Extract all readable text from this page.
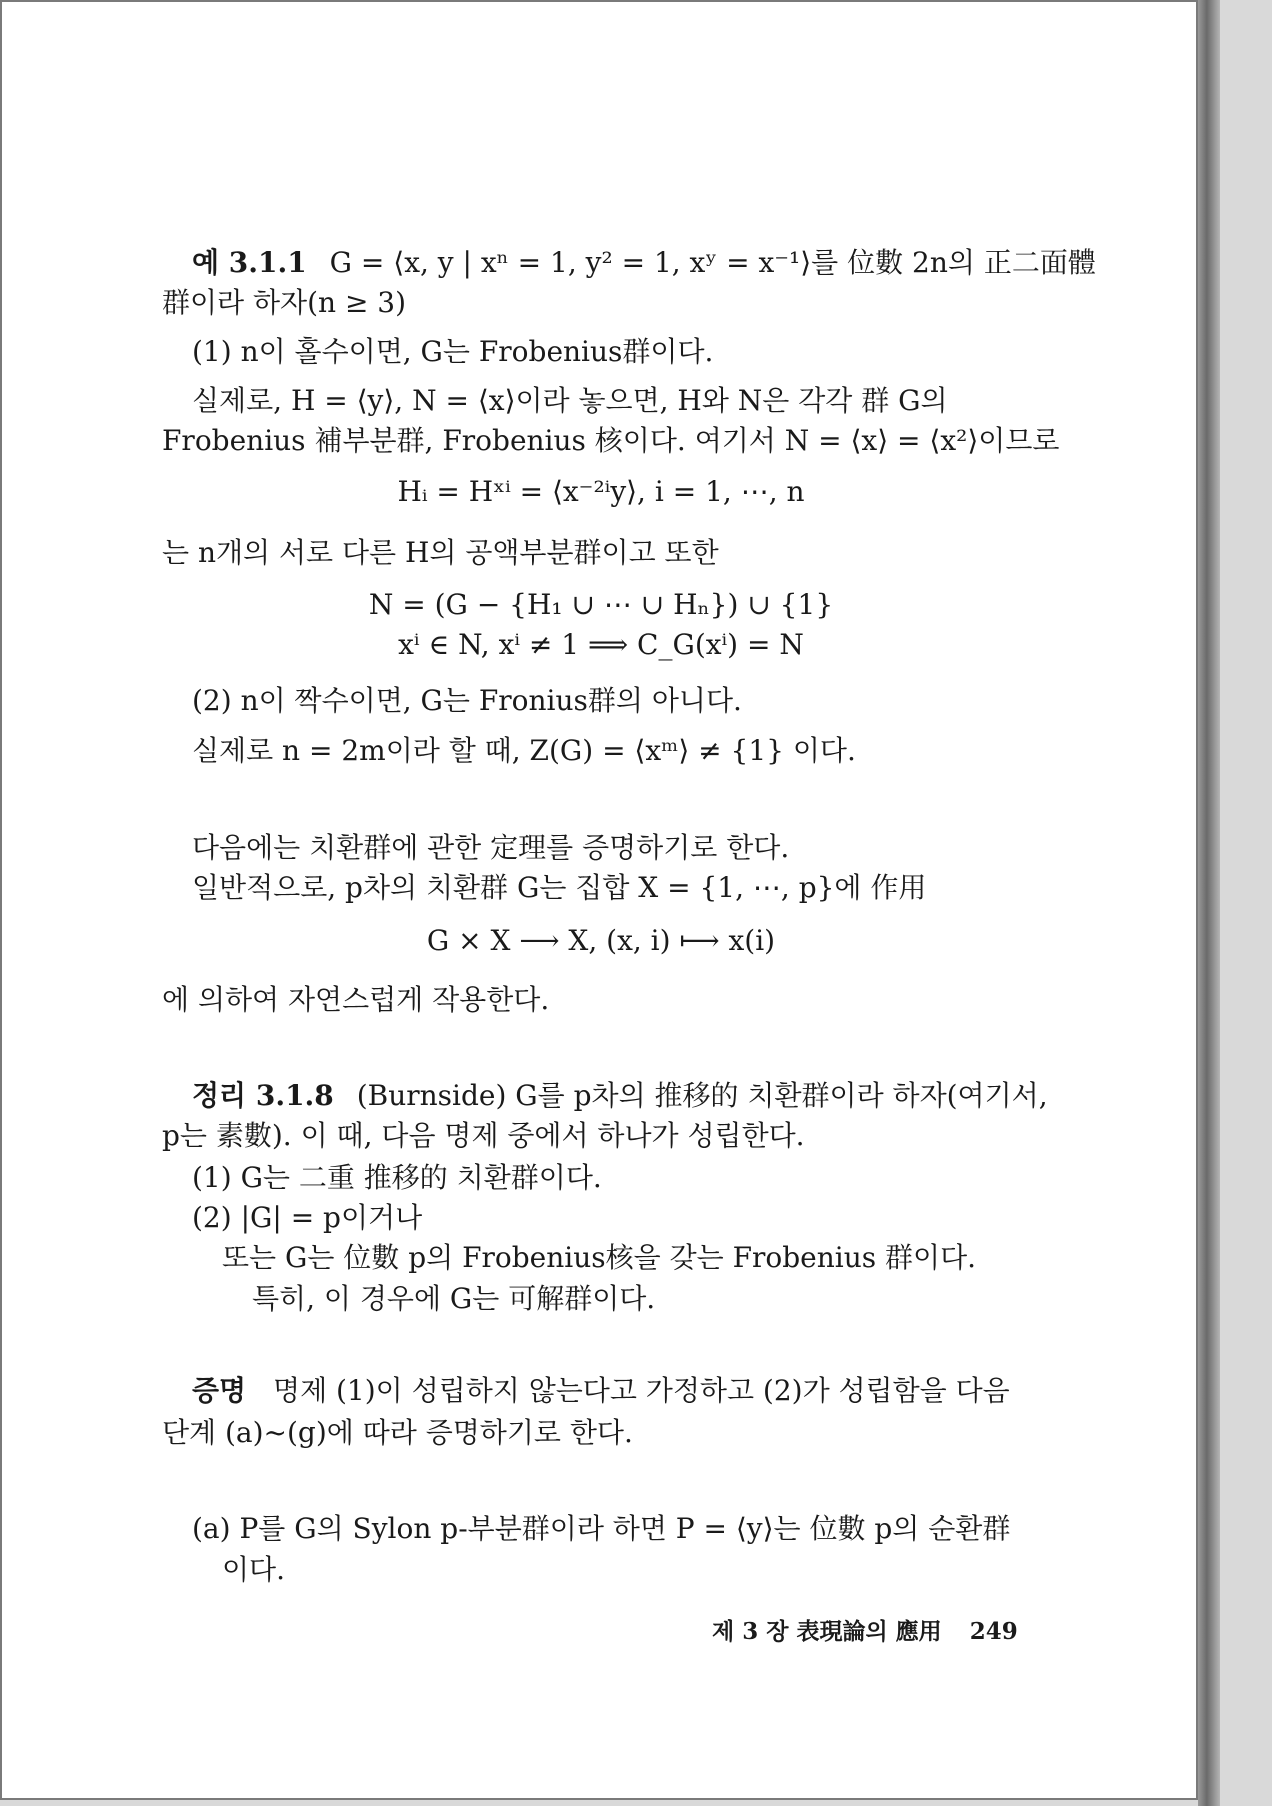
예 3.1.1 G = ⟨x, y | xⁿ = 1, y² = 1, xʸ = x⁻¹⟩를 位數 2n의 正二面體
群이라 하자(n ≥ 3)
(1) n이 홀수이면, G는 Frobenius群이다.
실제로, H = ⟨y⟩, N = ⟨x⟩이라 놓으면, H와 N은 각각 群 G의
Frobenius 補부분群, Frobenius 核이다. 여기서 N = ⟨x⟩ = ⟨x²⟩이므로
Hᵢ = Hˣⁱ = ⟨x⁻²ⁱy⟩, i = 1, ⋯, n
는 n개의 서로 다른 H의 공액부분群이고 또한
N = (G − {H₁ ∪ ⋯ ∪ Hₙ}) ∪ {1}
xⁱ ∈ N, xⁱ ≠ 1 ⟹ C_G(xⁱ) = N
(2) n이 짝수이면, G는 Fronius群의 아니다.
실제로 n = 2m이라 할 때, Z(G) = ⟨xᵐ⟩ ≠ {1} 이다.
다음에는 치환群에 관한 定理를 증명하기로 한다.
일반적으로, p차의 치환群 G는 집합 X = {1, ⋯, p}에 作用
G × X ⟶ X, (x, i) ⟼ x(i)
에 의하여 자연스럽게 작용한다.
정리 3.1.8 (Burnside) G를 p차의 推移的 치환群이라 하자(여기서,
p는 素數). 이 때, 다음 명제 중에서 하나가 성립한다.
(1) G는 二重 推移的 치환群이다.
(2) |G| = p이거나
또는 G는 位數 p의 Frobenius核을 갖는 Frobenius 群이다.
특히, 이 경우에 G는 可解群이다.
증명 명제 (1)이 성립하지 않는다고 가정하고 (2)가 성립함을 다음
단계 (a)~(g)에 따라 증명하기로 한다.
(a) P를 G의 Sylon p-부분群이라 하면 P = ⟨y⟩는 位數 p의 순환群
이다.
제 3 장 表現論의 應用 249
